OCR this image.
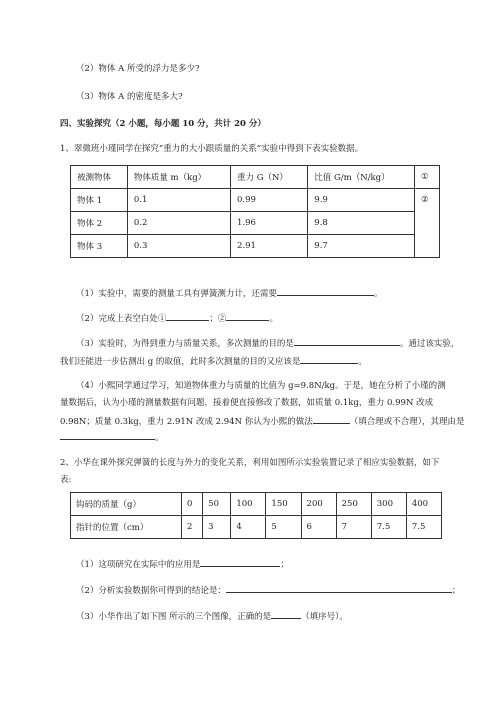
（2）物体 A 所受的浮力是多少?
（3）物体 A 的密度是多大?
四、实验探究（2 小题，每小题 10 分，共计 20 分）
1、翠微班小瑾同学在探究“重力的大小跟质量的关系”实验中得到下表实验数据。
被测物体	物体质量 m（kg）	重力 G（N）	比值 G/m（N/kg）	①
物体 1	0.1	0.99	9.9	②
物体 2	0.2	1.96	9.8	
物体 3	0.3	2.91	9.7	
（1）实验中，需要的测量工具有弹簧测力计，还需要	。
（2）完成上表空白处①	；②	。
（3）实验时，为得到重力与质量关系，多次测量的目的是	。通过该实验，
我们还能进一步估测出 g 的取值，此时多次测量的目的又应该是	。
（4）小熙同学通过学习，知道物体重力与质量的比值为 g=9.8N/kg。于是，她在分析了小瑾的测
量数据后，认为小瑾的测量数据有问题，接着便直接修改了数据，如质量 0.1kg，重力 0.99N 改成
0.98N；质量 0.3kg，重力 2.91N 改成 2.94N 你认为小熙的做法	（填合理或不合理），其理由是
。
2、小华在课外探究弹簧的长度与外力的变化关系，利用如图所示实验装置记录了相应实验数据，如下
表:
钩码的质量（g）	0	50	100	150	200	250	300	400
指针的位置（cm）	2	3	4	5	6	7	7.5	7.5
（1）这项研究在实际中的应用是	；
（2）分析实验数据你可得到的结论是：	；
（3）小华作出了如下图 所示的三个图像，正确的是	（填序号）。
